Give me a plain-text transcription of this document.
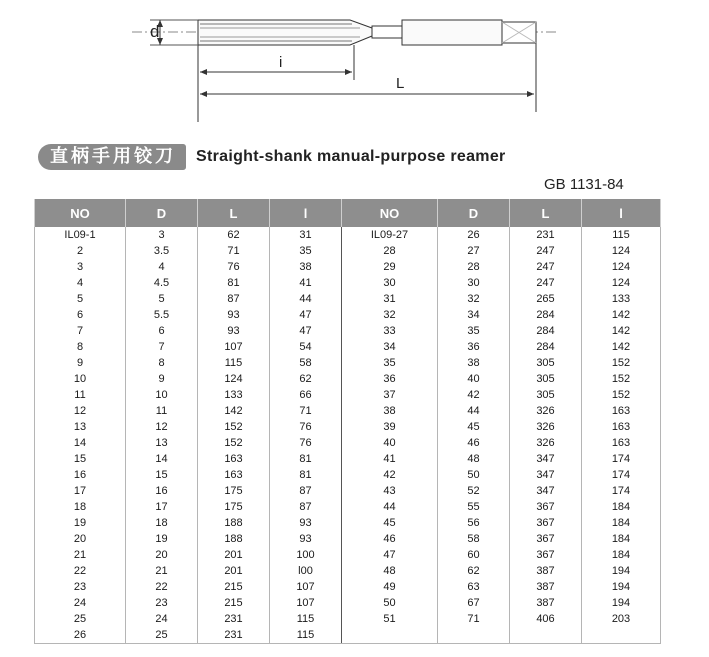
d
i
L
直柄手用铰刀	Straight-shank manual-purpose reamer
GB 1131-84
NO	D	L	l	NO	D	L	l
IL09-1	3	62	31	IL09-27	26	231	115
2	3.5	71	35	28	27	247	124
3	4	76	38	29	28	247	124
4	4.5	81	41	30	30	247	124
5	5	87	44	31	32	265	133
6	5.5	93	47	32	34	284	142
7	6	93	47	33	35	284	142
8	7	107	54	34	36	284	142
9	8	115	58	35	38	305	152
10	9	124	62	36	40	305	152
11	10	133	66	37	42	305	152
12	11	142	71	38	44	326	163
13	12	152	76	39	45	326	163
14	13	152	76	40	46	326	163
15	14	163	81	41	48	347	174
16	15	163	81	42	50	347	174
17	16	175	87	43	52	347	174
18	17	175	87	44	55	367	184
19	18	188	93	45	56	367	184
20	19	188	93	46	58	367	184
21	20	201	100	47	60	367	184
22	21	201	l00	48	62	387	194
23	22	215	107	49	63	387	194
24	23	215	107	50	67	387	194
25	24	231	115	51	71	406	203
26	25	231	115				
